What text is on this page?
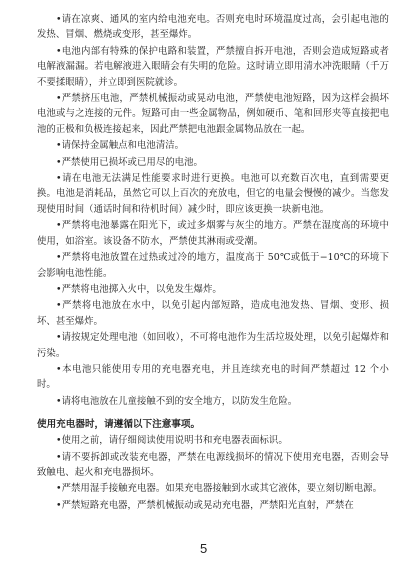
•请在凉爽、通风的室内给电池充电。否则充电时环境温度过高，会引起电池的发热、冒烟、燃烧或变形，甚至爆炸。

•电池内部有特殊的保护电路和装置，严禁擅自拆开电池，否则会造成短路或者电解液漏漏。若电解液进入眼睛会有失明的危险。这时请立即用清水冲洗眼睛（千万不要揉眼睛），并立即到医院就诊。

•严禁挤压电池，严禁机械振动或晃动电池，严禁使电池短路，因为这样会损坏电池或与之连接的元件。短路可由一些金属物品，例如硬币、笔和回形夹等直接把电池的正极和负极连接起来，因此严禁把电池跟金属物品放在一起。

•请保持金属触点和电池清洁。

•严禁使用已损坏或已用尽的电池。

•请在电池无法满足性能要求时进行更换。电池可以充数百次电，直到需要更换。电池是消耗品，虽然它可以上百次的充放电，但它的电量会慢慢的减少。当您发现使用时间（通话时间和待机时间）减少时，即应该更换一块新电池。

•严禁将电池暴露在阳光下，或过多烟雾与灰尘的地方。严禁在湿度高的环境中使用，如浴室。该设备不防水，严禁使其淋雨或受潮。

•严禁将电池放置在过热或过冷的地方，温度高于 50℃或低于−10℃的环境下会影响电池性能。

•严禁将电池掷入火中，以免发生爆炸。

•严禁将电池放在水中，以免引起内部短路，造成电池发热、冒烟、变形、损坏、甚至爆炸。

•请按规定处理电池（如回收），不可将电池作为生活垃圾处理，以免引起爆炸和污染。

•本电池只能使用专用的充电器充电，并且连续充电的时间严禁超过 12 个小时。

•请将电池放在儿童接触不到的安全地方，以防发生危险。

使用充电器时，请遵循以下注意事项。

•使用之前，请仔细阅读使用说明书和充电器表面标识。

•请不要拆卸或改装充电器，严禁在电源线损坏的情况下使用充电器，否则会导致触电、起火和充电器损坏。

•严禁用湿手接触充电器。如果充电器接触到水或其它液体，要立刻切断电源。

•严禁短路充电器，严禁机械振动或晃动充电器，严禁阳光直射，严禁在

5
